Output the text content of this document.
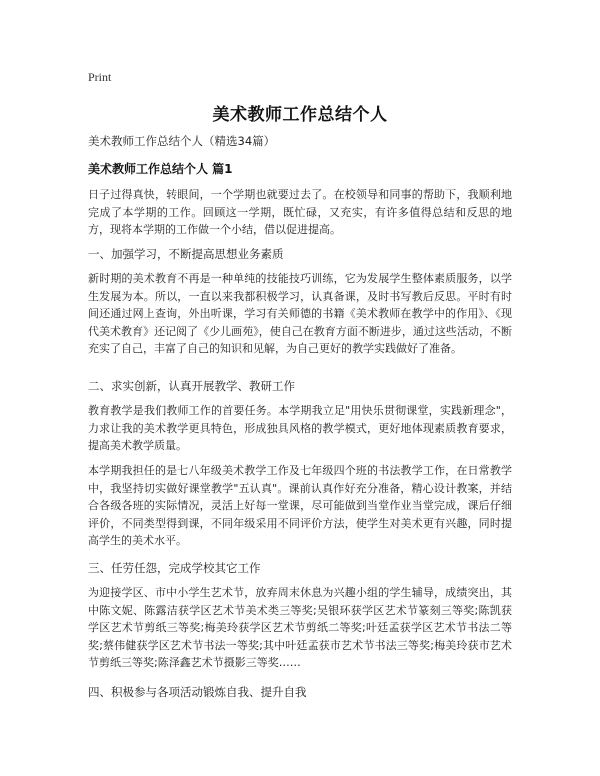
Print
美术教师工作总结个人
美术教师工作总结个人（精选34篇）
美术教师工作总结个人 篇1
日子过得真快，转眼间，一个学期也就要过去了。在校领导和同事的帮助下，我顺利地完成了本学期的工作。回顾这一学期，既忙碌，又充实，有许多值得总结和反思的地方，现将本学期的工作做一个小结，借以促进提高。
一、加强学习，不断提高思想业务素质
新时期的美术教育不再是一种单纯的技能技巧训练，它为发展学生整体素质服务，以学生发展为本。所以，一直以来我都积极学习，认真备课，及时书写教后反思。平时有时间还通过网上查询，外出听课，学习有关师德的书籍《美术教师在教学中的作用》、《现代美术教育》还记阅了《少儿画苑》，使自己在教育方面不断进步，通过这些活动，不断充实了自己，丰富了自己的知识和见解，为自己更好的教学实践做好了准备。
二、求实创新，认真开展教学、教研工作
教育教学是我们教师工作的首要任务。本学期我立足"用快乐贯彻课堂，实践新理念"，力求让我的美术教学更具特色，形成独具风格的教学模式，更好地体现素质教育要求，提高美术教学质量。
本学期我担任的是七八年级美术教学工作及七年级四个班的书法教学工作，在日常教学中，我坚持切实做好课堂教学"五认真"。课前认真作好充分准备，精心设计教案，并结合各级各班的实际情况，灵活上好每一堂课，尽可能做到当堂作业当堂完成，课后仔细评价，不同类型得到课，不同年级采用不同评价方法，使学生对美术更有兴趣，同时提高学生的美术水平。
三、任劳任怨，完成学校其它工作
为迎接学区、市中小学生艺术节，放弃周末休息为兴趣小组的学生辅导，成绩突出，其中陈文妮、陈露洁获学区艺术节美术类三等奖;吴银环获学区艺术节篆刻三等奖;陈凯获学区艺术节剪纸三等奖;梅美玲获学区艺术节剪纸二等奖;叶廷孟获学区艺术节书法二等奖;蔡伟健获学区艺术节书法一等奖;其中叶廷孟获市艺术节书法三等奖;梅美玲获市艺术节剪纸三等奖;陈泽鑫艺术节摄影三等奖……
四、积极参与各项活动锻炼自我、提升自我
